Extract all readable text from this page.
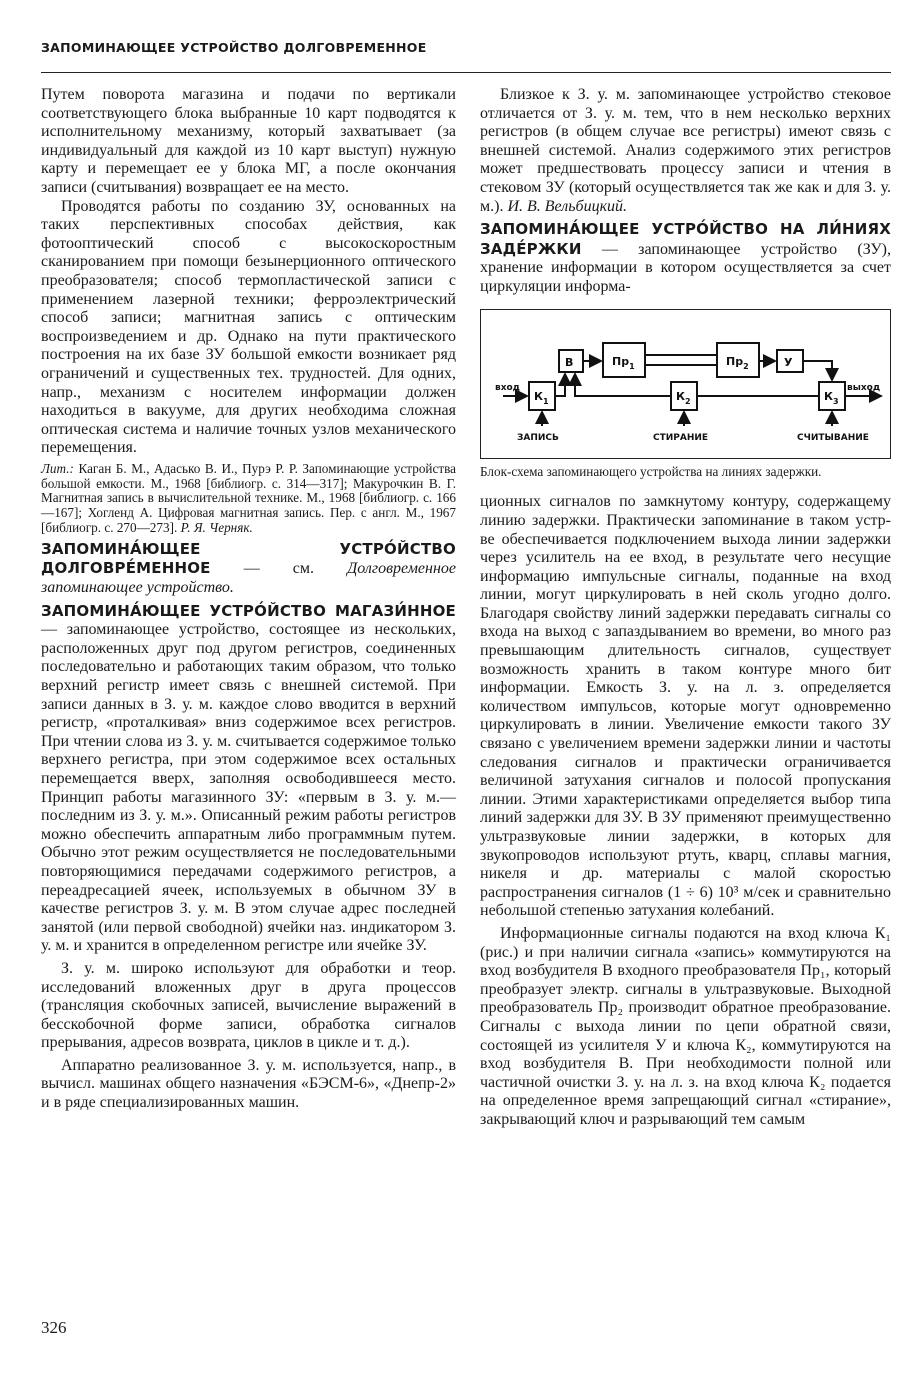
ЗАПОМИНАЮЩЕЕ УСТРОЙСТВО ДОЛГОВРЕМЕННОЕ

Путем поворота магазина и подачи по вертикали соответствующего блока выбранные 10 карт подводятся к исполнительному механизму, который захватывает (за индивидуальный для каждой из 10 карт выступ) нужную карту и перемещает ее у блока МГ, а после окончания записи (считывания) возвращает ее на место.

Проводятся работы по созданию ЗУ, основанных на таких перспективных способах действия, как фотооптический способ с высокоскоростным сканированием при помощи безынерционного оптического преобразователя; способ термопластической записи с применением лазерной техники; ферроэлектрический способ записи; магнитная запись с оптическим воспроизведением и др. Однако на пути практического построения на их базе ЗУ большой емкости возникает ряд ограничений и существенных тех. трудностей. Для одних, напр., механизм с носителем информации должен находиться в вакууме, для других необходима сложная оптическая система и наличие точных узлов механического перемещения.

Лит.: Каган Б. М., Адасько В. И., Пурэ Р. Р. Запоминающие устройства большой емкости. М., 1968 [библиогр. с. 314—317]; Макурочкин В. Г. Магнитная запись в вычислительной технике. М., 1968 [библиогр. с. 166—167]; Хогленд А. Цифровая магнитная запись. Пер. с англ. М., 1967 [библиогр. с. 270—273]. Р. Я. Черняк.

ЗАПОМИНА́ЮЩЕЕ УСТРО́ЙСТВО ДОЛГОВРЕ́МЕННОЕ — см. Долговременное запоминающее устройство.

ЗАПОМИНА́ЮЩЕЕ УСТРО́ЙСТВО МАГАЗИ́ННОЕ — запоминающее устройство, состоящее из нескольких, расположенных друг под другом регистров, соединенных последовательно и работающих таким образом, что только верхний регистр имеет связь с внешней системой. При записи данных в З. у. м. каждое слово вводится в верхний регистр, «проталкивая» вниз содержимое всех регистров. При чтении слова из З. у. м. считывается содержимое только верхнего регистра, при этом содержимое всех остальных перемещается вверх, заполняя освободившееся место. Принцип работы магазинного ЗУ: «первым в З. у. м.— последним из З. у. м.». Описанный режим работы регистров можно обеспечить аппаратным либо программным путем. Обычно этот режим осуществляется не последовательными повторяющимися передачами содержимого регистров, а переадресацией ячеек, используемых в обычном ЗУ в качестве регистров З. у. м. В этом случае адрес последней занятой (или первой свободной) ячейки наз. индикатором З. у. м. и хранится в определенном регистре или ячейке ЗУ.

З. у. м. широко используют для обработки и теор. исследований вложенных друг в друга процессов (трансляция скобочных записей, вычисление выражений в бесскобочной форме записи, обработка сигналов прерывания, адресов возврата, циклов в цикле и т. д.).

Аппаратно реализованное З. у. м. используется, напр., в вычисл. машинах общего назначения «БЭСМ-6», «Днепр-2» и в ряде специализированных машин.

Близкое к З. у. м. запоминающее устройство стековое отличается от З. у. м. тем, что в нем несколько верхних регистров (в общем случае все регистры) имеют связь с внешней системой. Анализ содержимого этих регистров может предшествовать процессу записи и чтения в стековом ЗУ (который осуществляется так же как и для З. у. м.). И. В. Вельбицкий.

ЗАПОМИНА́ЮЩЕЕ УСТРО́ЙСТВО НА ЛИ́НИЯХ ЗАДЕ́РЖКИ — запоминающее устройство (ЗУ), хранение информации в котором осуществляется за счет циркуляции информа-

В	$Пр_1$	$Пр_2$	У
$К_1$	$К_2$	$К_3$
вход	выход
ЗАПИСЬ	СТИРАНИЕ	СЧИТЫВАНИЕ

Блок-схема запоминающего устройства на линиях задержки.

ционных сигналов по замкнутому контуру, содержащему линию задержки. Практически запоминание в таком устр-ве обеспечивается подключением выхода линии задержки через усилитель на ее вход, в результате чего несущие информацию импульсные сигналы, поданные на вход линии, могут циркулировать в ней сколь угодно долго. Благодаря свойству линий задержки передавать сигналы со входа на выход с запаздыванием во времени, во много раз превышающим длительность сигналов, существует возможность хранить в таком контуре много бит информации. Емкость З. у. на л. з. определяется количеством импульсов, которые могут одновременно циркулировать в линии. Увеличение емкости такого ЗУ связано с увеличением времени задержки линии и частоты следования сигналов и практически ограничивается величиной затухания сигналов и полосой пропускания линии. Этими характеристиками определяется выбор типа линий задержки для ЗУ. В ЗУ применяют преимущественно ультразвуковые линии задержки, в которых для звукопроводов используют ртуть, кварц, сплавы магния, никеля и др. материалы с малой скоростью распространения сигналов (1 ÷ 6) 10³ м/сек и сравнительно небольшой степенью затухания колебаний.

Информационные сигналы подаются на вход ключа К₁ (рис.) и при наличии сигнала «запись» коммутируются на вход возбудителя В входного преобразователя Пр₁, который преобразует электр. сигналы в ультразвуковые. Выходной преобразователь Пр₂ производит обратное преобразование. Сигналы с выхода линии по цепи обратной связи, состоящей из усилителя У и ключа К₂, коммутируются на вход возбудителя В. При необходимости полной или частичной очистки З. у. на л. з. на вход ключа К₂ подается на определенное время запрещающий сигнал «стирание», закрывающий ключ и разрывающий тем самым

326
